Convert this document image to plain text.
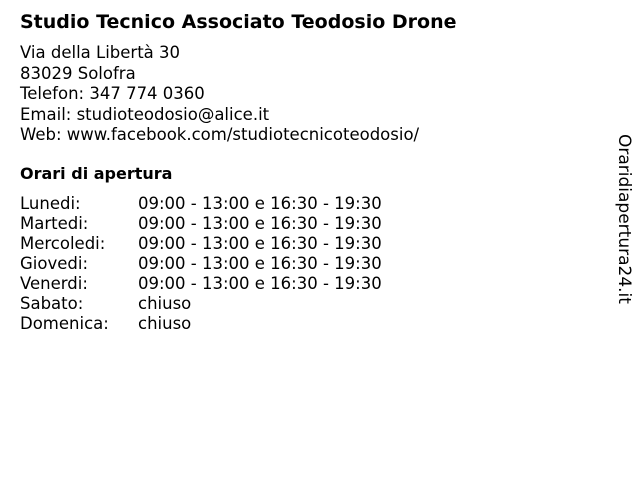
Studio Tecnico Associato Teodosio Drone
Via della Libertà 30
83029 Solofra
Telefon: 347 774 0360
Email: studioteodosio@alice.it
Web: www.facebook.com/studiotecnicoteodosio/
Orari di apertura
Lunedi:	09:00 - 13:00 e 16:30 - 19:30
Martedi:	09:00 - 13:00 e 16:30 - 19:30
Mercoledi: 09:00 - 13:00 e 16:30 - 19:30
Giovedi:	09:00 - 13:00 e 16:30 - 19:30
Venerdi:	09:00 - 13:00 e 16:30 - 19:30
Sabato:	chiuso
Domenica: chiuso
Oraridiapertura24.it
